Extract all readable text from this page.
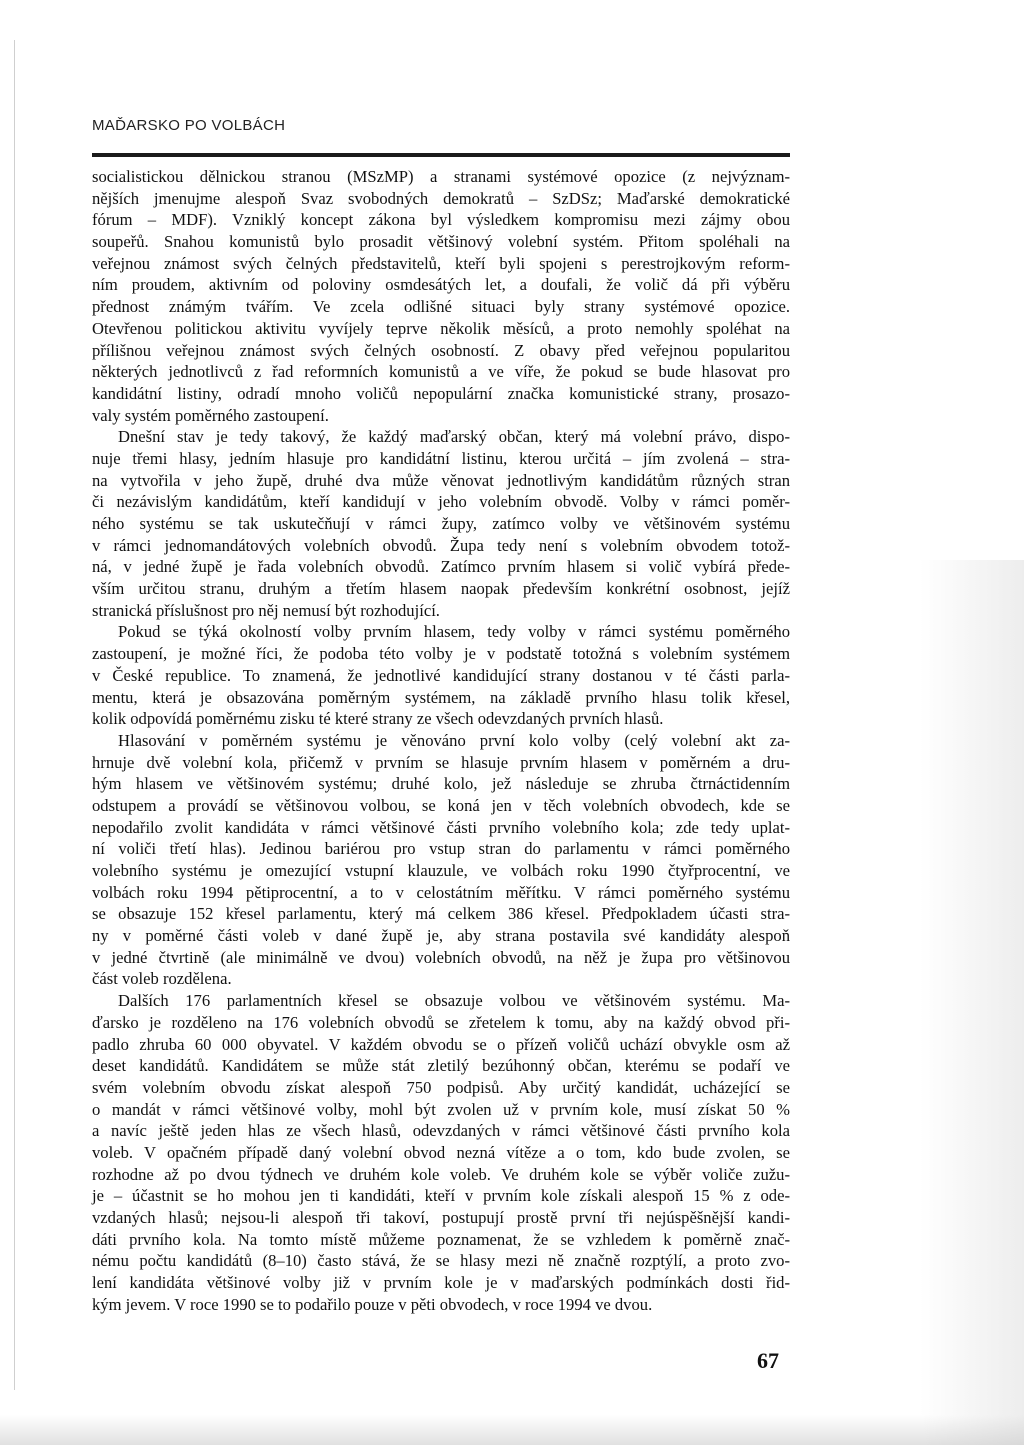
MAĎARSKO PO VOLBÁCH
socialistickou dělnickou stranou (MSzMP) a stranami systémové opozice (z nejvýznam-
nějších jmenujme alespoň Svaz svobodných demokratů – SzDSz; Maďarské demokratické
fórum – MDF). Vzniklý koncept zákona byl výsledkem kompromisu mezi zájmy obou
soupeřů. Snahou komunistů bylo prosadit většinový volební systém. Přitom spoléhali na
veřejnou známost svých čelných představitelů, kteří byli spojeni s perestrojkovým reform-
ním proudem, aktivním od poloviny osmdesátých let, a doufali, že volič dá při výběru
přednost známým tvářím. Ve zcela odlišné situaci byly strany systémové opozice.
Otevřenou politickou aktivitu vyvíjely teprve několik měsíců, a proto nemohly spoléhat na
přílišnou veřejnou známost svých čelných osobností. Z obavy před veřejnou popularitou
některých jednotlivců z řad reformních komunistů a ve víře, že pokud se bude hlasovat pro
kandidátní listiny, odradí mnoho voličů nepopulární značka komunistické strany, prosazo-
valy systém poměrného zastoupení.
Dnešní stav je tedy takový, že každý maďarský občan, který má volební právo, dispo-
nuje třemi hlasy, jedním hlasuje pro kandidátní listinu, kterou určitá – jím zvolená – stra-
na vytvořila v jeho župě, druhé dva může věnovat jednotlivým kandidátům různých stran
či nezávislým kandidátům, kteří kandidují v jeho volebním obvodě. Volby v rámci poměr-
ného systému se tak uskutečňují v rámci župy, zatímco volby ve většinovém systému
v rámci jednomandátových volebních obvodů. Župa tedy není s volebním obvodem totož-
ná, v jedné župě je řada volebních obvodů. Zatímco prvním hlasem si volič vybírá přede-
vším určitou stranu, druhým a třetím hlasem naopak především konkrétní osobnost, jejíž
stranická příslušnost pro něj nemusí být rozhodující.
Pokud se týká okolností volby prvním hlasem, tedy volby v rámci systému poměrného
zastoupení, je možné říci, že podoba této volby je v podstatě totožná s volebním systémem
v České republice. To znamená, že jednotlivé kandidující strany dostanou v té části parla-
mentu, která je obsazována poměrným systémem, na základě prvního hlasu tolik křesel,
kolik odpovídá poměrnému zisku té které strany ze všech odevzdaných prvních hlasů.
Hlasování v poměrném systému je věnováno první kolo volby (celý volební akt za-
hrnuje dvě volební kola, přičemž v prvním se hlasuje prvním hlasem v poměrném a dru-
hým hlasem ve většinovém systému; druhé kolo, jež následuje se zhruba čtrnáctidenním
odstupem a provádí se většinovou volbou, se koná jen v těch volebních obvodech, kde se
nepodařilo zvolit kandidáta v rámci většinové části prvního volebního kola; zde tedy uplat-
ní voliči třetí hlas). Jedinou bariérou pro vstup stran do parlamentu v rámci poměrného
volebního systému je omezující vstupní klauzule, ve volbách roku 1990 čtyřprocentní, ve
volbách roku 1994 pětiprocentní, a to v celostátním měřítku. V rámci poměrného systému
se obsazuje 152 křesel parlamentu, který má celkem 386 křesel. Předpokladem účasti stra-
ny v poměrné části voleb v dané župě je, aby strana postavila své kandidáty alespoň
v jedné čtvrtině (ale minimálně ve dvou) volebních obvodů, na něž je župa pro většinovou
část voleb rozdělena.
Dalších 176 parlamentních křesel se obsazuje volbou ve většinovém systému. Ma-
ďarsko je rozděleno na 176 volebních obvodů se zřetelem k tomu, aby na každý obvod při-
padlo zhruba 60 000 obyvatel. V každém obvodu se o přízeň voličů uchází obvykle osm až
deset kandidátů. Kandidátem se může stát zletilý bezúhonný občan, kterému se podaří ve
svém volebním obvodu získat alespoň 750 podpisů. Aby určitý kandidát, ucházející se
o mandát v rámci většinové volby, mohl být zvolen už v prvním kole, musí získat 50 %
a navíc ještě jeden hlas ze všech hlasů, odevzdaných v rámci většinové části prvního kola
voleb. V opačném případě daný volební obvod nezná vítěze a o tom, kdo bude zvolen, se
rozhodne až po dvou týdnech ve druhém kole voleb. Ve druhém kole se výběr voliče zužu-
je – účastnit se ho mohou jen ti kandidáti, kteří v prvním kole získali alespoň 15 % z ode-
vzdaných hlasů; nejsou-li alespoň tři takoví, postupují prostě první tři nejúspěšnější kandi-
dáti prvního kola. Na tomto místě můžeme poznamenat, že se vzhledem k poměrně znač-
nému počtu kandidátů (8–10) často stává, že se hlasy mezi ně značně rozptýlí, a proto zvo-
lení kandidáta většinové volby již v prvním kole je v maďarských podmínkách dosti řid-
kým jevem. V roce 1990 se to podařilo pouze v pěti obvodech, v roce 1994 ve dvou.
67
